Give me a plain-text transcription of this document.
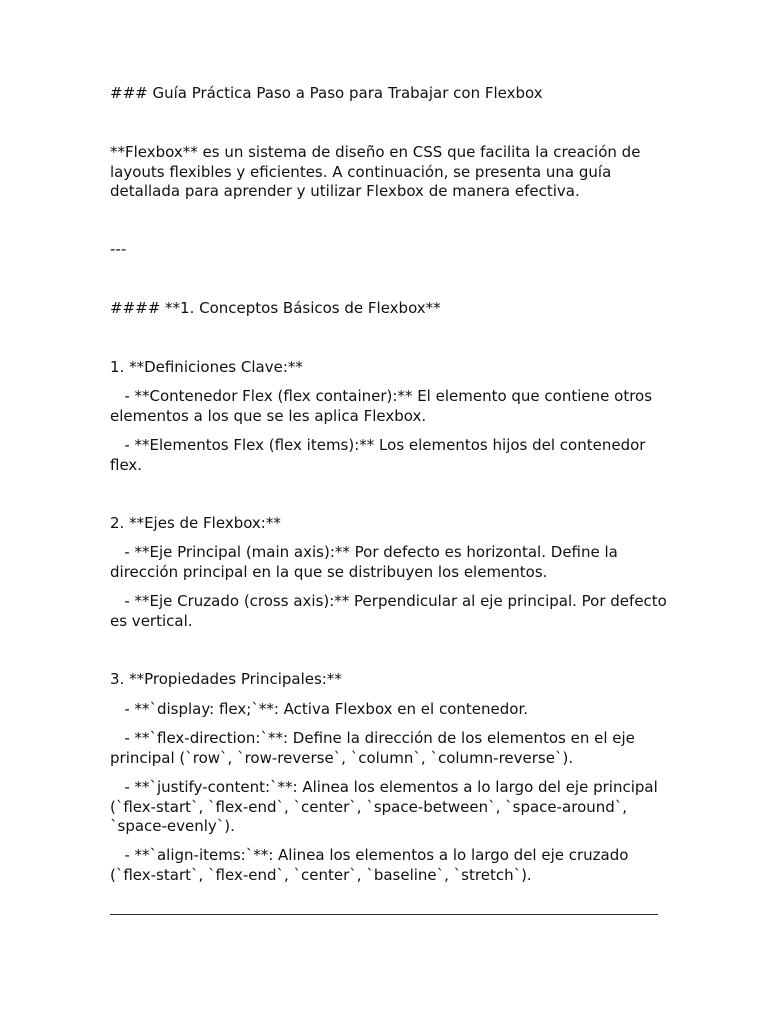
### Guía Práctica Paso a Paso para Trabajar con Flexbox

**Flexbox** es un sistema de diseño en CSS que facilita la creación de layouts flexibles y eficientes. A continuación, se presenta una guía detallada para aprender y utilizar Flexbox de manera efectiva.

---

#### **1. Conceptos Básicos de Flexbox**

1. **Definiciones Clave:**

- **Contenedor Flex (flex container):** El elemento que contiene otros elementos a los que se les aplica Flexbox.

- **Elementos Flex (flex items):** Los elementos hijos del contenedor flex.

2. **Ejes de Flexbox:**

- **Eje Principal (main axis):** Por defecto es horizontal. Define la dirección principal en la que se distribuyen los elementos.

- **Eje Cruzado (cross axis):** Perpendicular al eje principal. Por defecto es vertical.

3. **Propiedades Principales:**

- **`display: flex;`**: Activa Flexbox en el contenedor.

- **`flex-direction:`**: Define la dirección de los elementos en el eje principal (`row`, `row-reverse`, `column`, `column-reverse`).

- **`justify-content:`**: Alinea los elementos a lo largo del eje principal (`flex-start`, `flex-end`, `center`, `space-between`, `space-around`, `space-evenly`).

- **`align-items:`**: Alinea los elementos a lo largo del eje cruzado (`flex-start`, `flex-end`, `center`, `baseline`, `stretch`).
